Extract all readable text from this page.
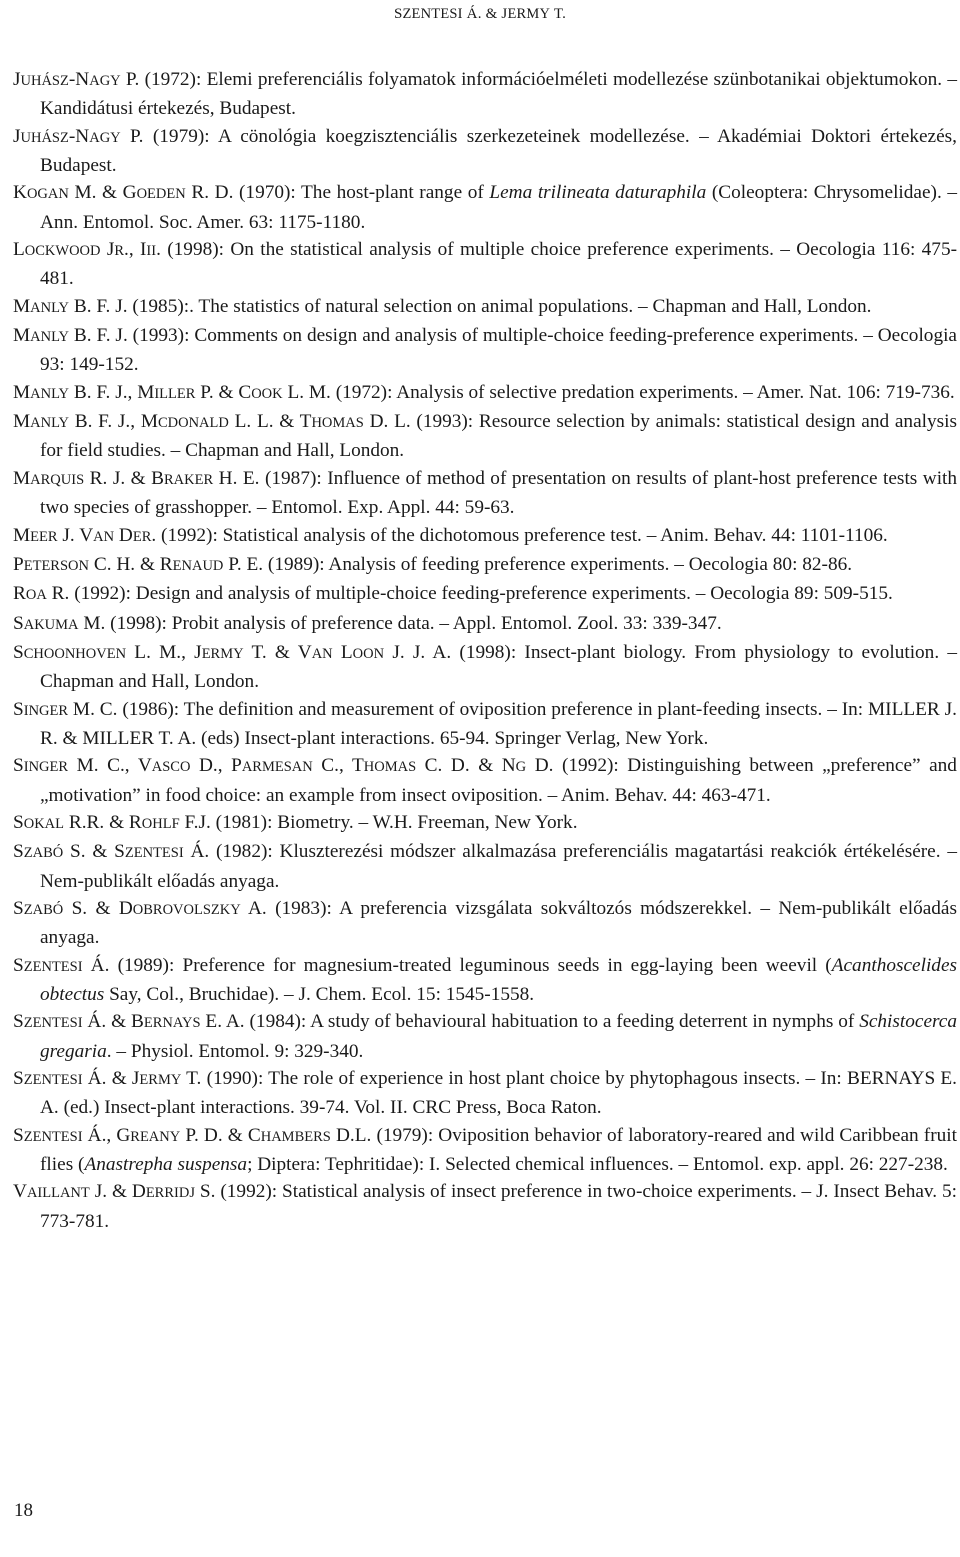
SZENTESI Á. & JERMY T.

JUHÁSZ-NAGY P. (1972): Elemi preferenciális folyamatok információelméleti modellezése szünbotanikai objektumokon. – Kandidátusi értekezés, Budapest.

JUHÁSZ-NAGY P. (1979): A cönológia koegzisztenciális szerkezeteinek modellezése. – Akadémiai Doktori értekezés, Budapest.

KOGAN M. & GOEDEN R. D. (1970): The host-plant range of Lema trilineata daturaphila (Coleoptera: Chrysomelidae). – Ann. Entomol. Soc. Amer. 63: 1175-1180.

LOCKWOOD JR., III. (1998): On the statistical analysis of multiple choice preference experiments. – Oecologia 116: 475-481.

MANLY B. F. J. (1985):. The statistics of natural selection on animal populations. – Chapman and Hall, London.

MANLY B. F. J. (1993): Comments on design and analysis of multiple-choice feeding-preference experiments. – Oecologia 93: 149-152.

MANLY B. F. J., MILLER P. & COOK L. M. (1972): Analysis of selective predation experiments. – Amer. Nat. 106: 719-736.

MANLY B. F. J., MCDONALD L. L. & THOMAS D. L. (1993): Resource selection by animals: statistical design and analysis for field studies. – Chapman and Hall, London.

MARQUIS R. J. & BRAKER H. E. (1987): Influence of method of presentation on results of plant-host preference tests with two species of grasshopper. – Entomol. Exp. Appl. 44: 59-63.

MEER J. VAN DER. (1992): Statistical analysis of the dichotomous preference test. – Anim. Behav. 44: 1101-1106.

PETERSON C. H. & RENAUD P. E. (1989): Analysis of feeding preference experiments. – Oecologia 80: 82-86.

ROA R. (1992): Design and analysis of multiple-choice feeding-preference experiments. – Oecologia 89: 509-515.

SAKUMA M. (1998): Probit analysis of preference data. – Appl. Entomol. Zool. 33: 339-347.

SCHOONHOVEN L. M., JERMY T. & VAN LOON J. J. A. (1998): Insect-plant biology. From physiology to evolution. – Chapman and Hall, London.

SINGER M. C. (1986): The definition and measurement of oviposition preference in plant-feeding insects. – In: MILLER J. R. & MILLER T. A. (eds) Insect-plant interactions. 65-94. Springer Verlag, New York.

SINGER M. C., VASCO D., PARMESAN C., THOMAS C. D. & NG D. (1992): Distinguishing between „preference” and „motivation” in food choice: an example from insect oviposition. – Anim. Behav. 44: 463-471.

SOKAL R.R. & ROHLF F.J. (1981): Biometry. – W.H. Freeman, New York.

SZABÓ S. & SZENTESI Á. (1982): Kluszterezési módszer alkalmazása preferenciális magatartási reakciók értékelésére. – Nem-publikált előadás anyaga.

SZABÓ S. & DOBROVOLSZKY A. (1983): A preferencia vizsgálata sokváltozós módszerekkel. – Nem-publikált előadás anyaga.

SZENTESI Á. (1989): Preference for magnesium-treated leguminous seeds in egg-laying been weevil (Acanthoscelides obtectus Say, Col., Bruchidae). – J. Chem. Ecol. 15: 1545-1558.

SZENTESI Á. & BERNAYS E. A. (1984): A study of behavioural habituation to a feeding deterrent in nymphs of Schistocerca gregaria. – Physiol. Entomol. 9: 329-340.

SZENTESI Á. & JERMY T. (1990): The role of experience in host plant choice by phytophagous insects. – In: BERNAYS E. A. (ed.) Insect-plant interactions. 39-74. Vol. II. CRC Press, Boca Raton.

SZENTESI Á., GREANY P. D. & CHAMBERS D.L. (1979): Oviposition behavior of laboratory-reared and wild Caribbean fruit flies (Anastrepha suspensa; Diptera: Tephritidae): I. Selected chemical influences. – Entomol. exp. appl. 26: 227-238.

VAILLANT J. & DERRIDJ S. (1992): Statistical analysis of insect preference in two-choice experiments. – J. Insect Behav. 5: 773-781.

18
